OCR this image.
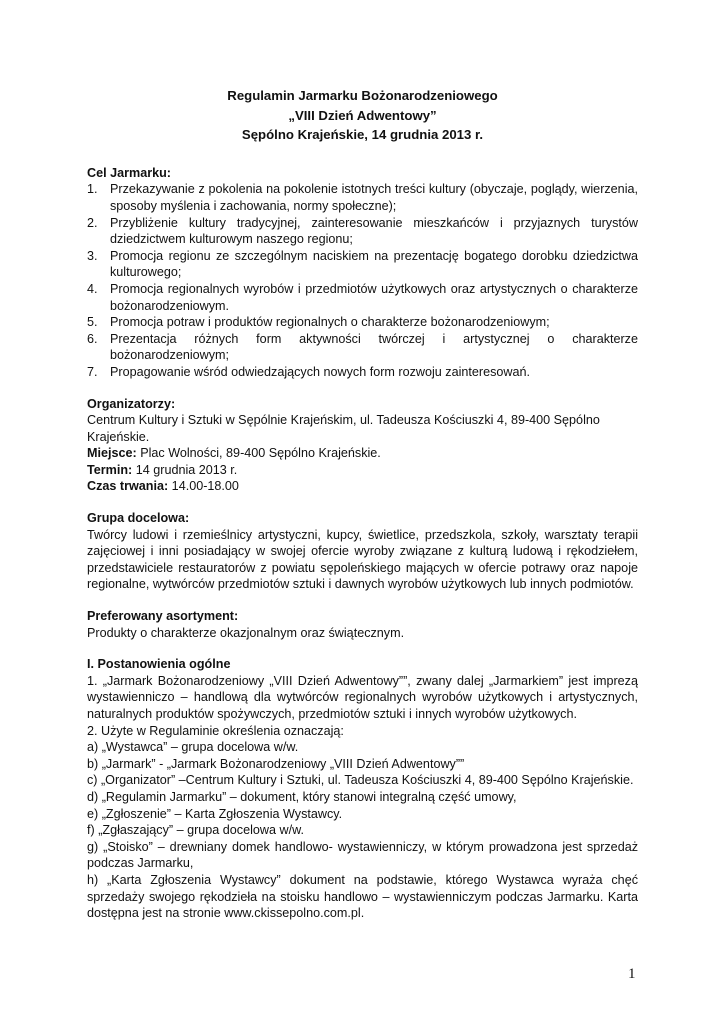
Regulamin Jarmarku Bożonarodzeniowego
„VIII Dzień Adwentowy”
Sępólno Krajeńskie, 14 grudnia 2013 r.
Cel Jarmarku:
1. Przekazywanie z pokolenia na pokolenie istotnych treści kultury (obyczaje, poglądy, wierzenia, sposoby myślenia i zachowania, normy społeczne);
2. Przybliżenie kultury tradycyjnej, zainteresowanie mieszkańców i przyjaznych turystów dziedzictwem kulturowym naszego regionu;
3. Promocja regionu ze szczególnym naciskiem na prezentację bogatego dorobku dziedzictwa kulturowego;
4. Promocja regionalnych wyrobów i przedmiotów użytkowych oraz artystycznych o charakterze bożonarodzeniowym.
5. Promocja potraw i produktów regionalnych o charakterze bożonarodzeniowym;
6. Prezentacja różnych form aktywności twórczej i artystycznej o charakterze bożonarodzeniowym;
7. Propagowanie wśród odwiedzających nowych form rozwoju zainteresowań.
Organizatorzy:
Centrum Kultury i Sztuki w Sępólnie Krajeńskim, ul. Tadeusza Kościuszki 4, 89-400 Sępólno Krajeńskie.
Miejsce: Plac Wolności, 89-400 Sępólno Krajeńskie.
Termin: 14 grudnia 2013 r.
Czas trwania: 14.00-18.00
Grupa docelowa:
Twórcy ludowi i rzemieślnicy artystyczni, kupcy, świetlice, przedszkola, szkoły, warsztaty terapii zajęciowej i inni posiadający w swojej ofercie wyroby związane z kulturą ludową i rękodziełem, przedstawiciele restauratorów z powiatu sępoleńskiego mających w ofercie potrawy oraz napoje regionalne, wytwórców przedmiotów sztuki i dawnych wyrobów użytkowych lub innych podmiotów.
Preferowany asortyment:
Produkty o charakterze okazjonalnym oraz świątecznym.
I. Postanowienia ogólne
1. „Jarmark Bożonarodzeniowy „VIII Dzień Adwentowy””, zwany dalej „Jarmarkiem” jest imprezą wystawienniczo – handlową dla wytwórców regionalnych wyrobów użytkowych i artystycznych, naturalnych produktów spożywczych, przedmiotów sztuki i innych wyrobów użytkowych.
2. Użyte w Regulaminie określenia oznaczają:
a) „Wystawca” – grupa docelowa w/w.
b) „Jarmark” - „Jarmark Bożonarodzeniowy „VIII Dzień Adwentowy””
c) „Organizator” –Centrum Kultury i Sztuki, ul. Tadeusza Kościuszki 4, 89-400 Sępólno Krajeńskie.
d) „Regulamin Jarmarku” – dokument, który stanowi integralną część umowy,
e) „Zgłoszenie” – Karta Zgłoszenia Wystawcy.
f) „Zgłaszający” – grupa docelowa w/w.
g) „Stoisko” – drewniany domek handlowo- wystawienniczy, w którym prowadzona jest sprzedaż podczas Jarmarku,
h) „Karta Zgłoszenia Wystawcy” dokument na podstawie, którego Wystawca wyraża chęć sprzedaży swojego rękodzieła na stoisku handlowo – wystawienniczym podczas Jarmarku. Karta dostępna jest na stronie www.ckissepolno.com.pl.
1
